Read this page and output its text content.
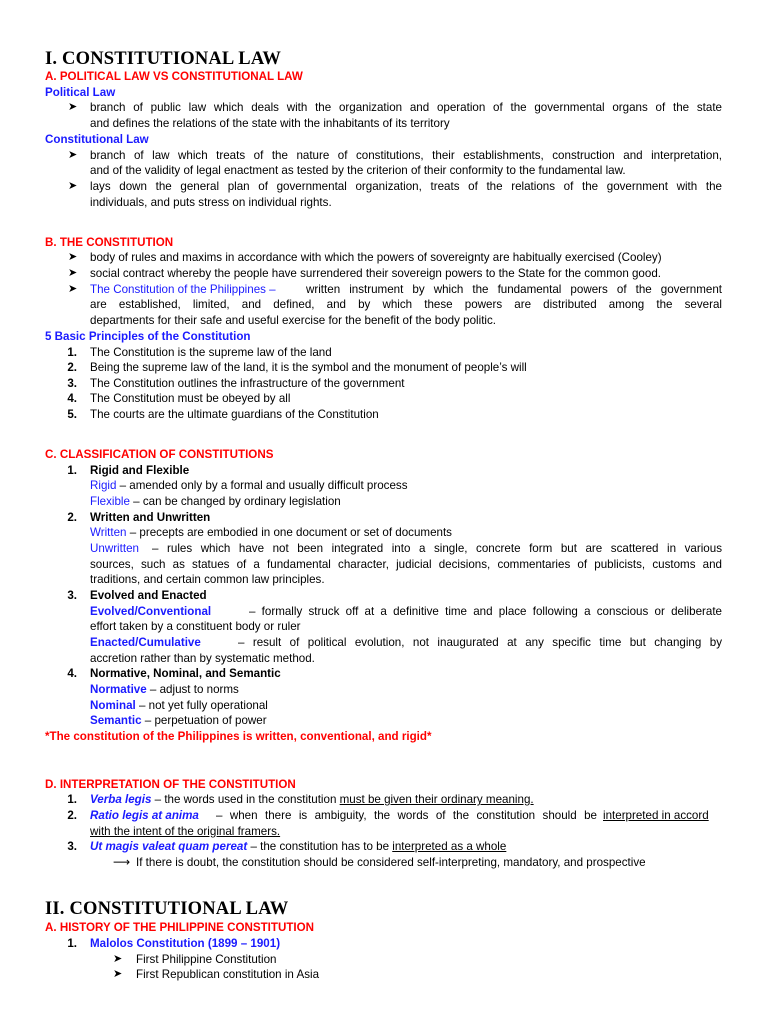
I. CONSTITUTIONAL LAW
A. POLITICAL LAW VS CONSTITUTIONAL LAW
Political Law
➤ branch of public law which deals with the organization and operation of the governmental organs of the state
and defines the relations of the state with the inhabitants of its territory
Constitutional Law
➤ branch of law which treats of the nature of constitutions, their establishments, construction and interpretation,
and of the validity of legal enactment as tested by the criterion of their conformity to the fundamental law.
➤ lays down the general plan of governmental organization, treats of the relations of the government with the
individuals, and puts stress on individual rights.
B. THE CONSTITUTION
➤ body of rules and maxims in accordance with which the powers of sovereignty are habitually exercised (Cooley)
➤ social contract whereby the people have surrendered their sovereign powers to the State for the common good.
➤ The Constitution of the Philippines –	written instrument by which the fundamental powers of the government
are established, limited, and defined, and by which these powers are distributed among the several
departments for their safe and useful exercise for the benefit of the body politic.
5 Basic Principles of the Constitution
1. The Constitution is the supreme law of the land
2. Being the supreme law of the land, it is the symbol and the monument of people’s will
3. The Constitution outlines the infrastructure of the government
4. The Constitution must be obeyed by all
5. The courts are the ultimate guardians of the Constitution
C. CLASSIFICATION OF CONSTITUTIONS
1. Rigid and Flexible
Rigid – amended only by a formal and usually difficult process
Flexible – can be changed by ordinary legislation
2. Written and Unwritten
Written – precepts are embodied in one document or set of documents
Unwritten – rules which have not been integrated into a single, concrete form but are scattered in various
sources, such as statues of a fundamental character, judicial decisions, commentaries of publicists, customs and
traditions, and certain common law principles.
3. Evolved and Enacted
Evolved/Conventional	– formally struck off at a definitive time and place following a conscious or deliberate
effort taken by a constituent body or ruler
Enacted/Cumulative	– result of political evolution, not inaugurated at any specific time but changing by
accretion rather than by systematic method.
4. Normative, Nominal, and Semantic
Normative – adjust to norms
Nominal – not yet fully operational
Semantic – perpetuation of power
*The constitution of the Philippines is written, conventional, and rigid*
D. INTERPRETATION OF THE CONSTITUTION
1. Verba legis – the words used in the constitution must be given their ordinary meaning.
2. Ratio legis at anima – when there is ambiguity, the words of the constitution should be interpreted in accord
with the intent of the original framers.
3. Ut magis valeat quam pereat – the constitution has to be interpreted as a whole
⟶ If there is doubt, the constitution should be considered self-interpreting, mandatory, and prospective
II. CONSTITUTIONAL LAW
A. HISTORY OF THE PHILIPPINE CONSTITUTION
1. Malolos Constitution (1899 – 1901)
➤ First Philippine Constitution
➤ First Republican constitution in Asia
